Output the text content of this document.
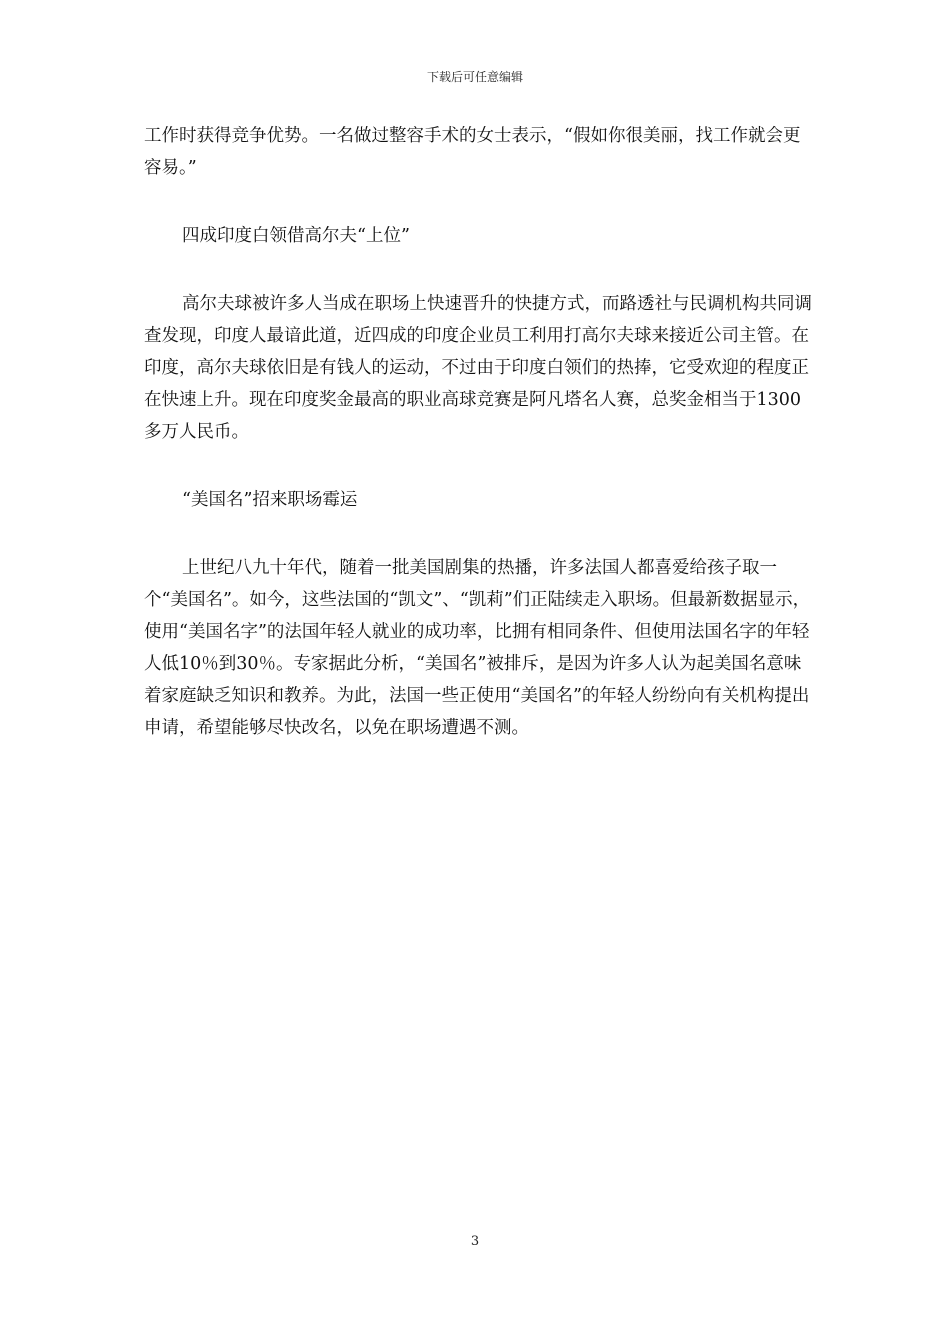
下载后可任意编辑

工作时获得竞争优势。一名做过整容手术的女士表示，“假如你很美丽，找工作就会更容易。”

四成印度白领借高尔夫“上位”

高尔夫球被许多人当成在职场上快速晋升的快捷方式，而路透社与民调机构共同调查发现，印度人最谙此道，近四成的印度企业员工利用打高尔夫球来接近公司主管。在印度，高尔夫球依旧是有钱人的运动，不过由于印度白领们的热捧，它受欢迎的程度正在快速上升。现在印度奖金最高的职业高球竞赛是阿凡塔名人赛，总奖金相当于1300多万人民币。

“美国名”招来职场霉运

上世纪八九十年代，随着一批美国剧集的热播，许多法国人都喜爱给孩子取一个“美国名”。如今，这些法国的“凯文”、“凯莉”们正陆续走入职场。但最新数据显示，使用“美国名字”的法国年轻人就业的成功率，比拥有相同条件、但使用法国名字的年轻人低10％到30％。专家据此分析，“美国名”被排斥，是因为许多人认为起美国名意味着家庭缺乏知识和教养。为此，法国一些正使用“美国名”的年轻人纷纷向有关机构提出申请，希望能够尽快改名，以免在职场遭遇不测。

3
